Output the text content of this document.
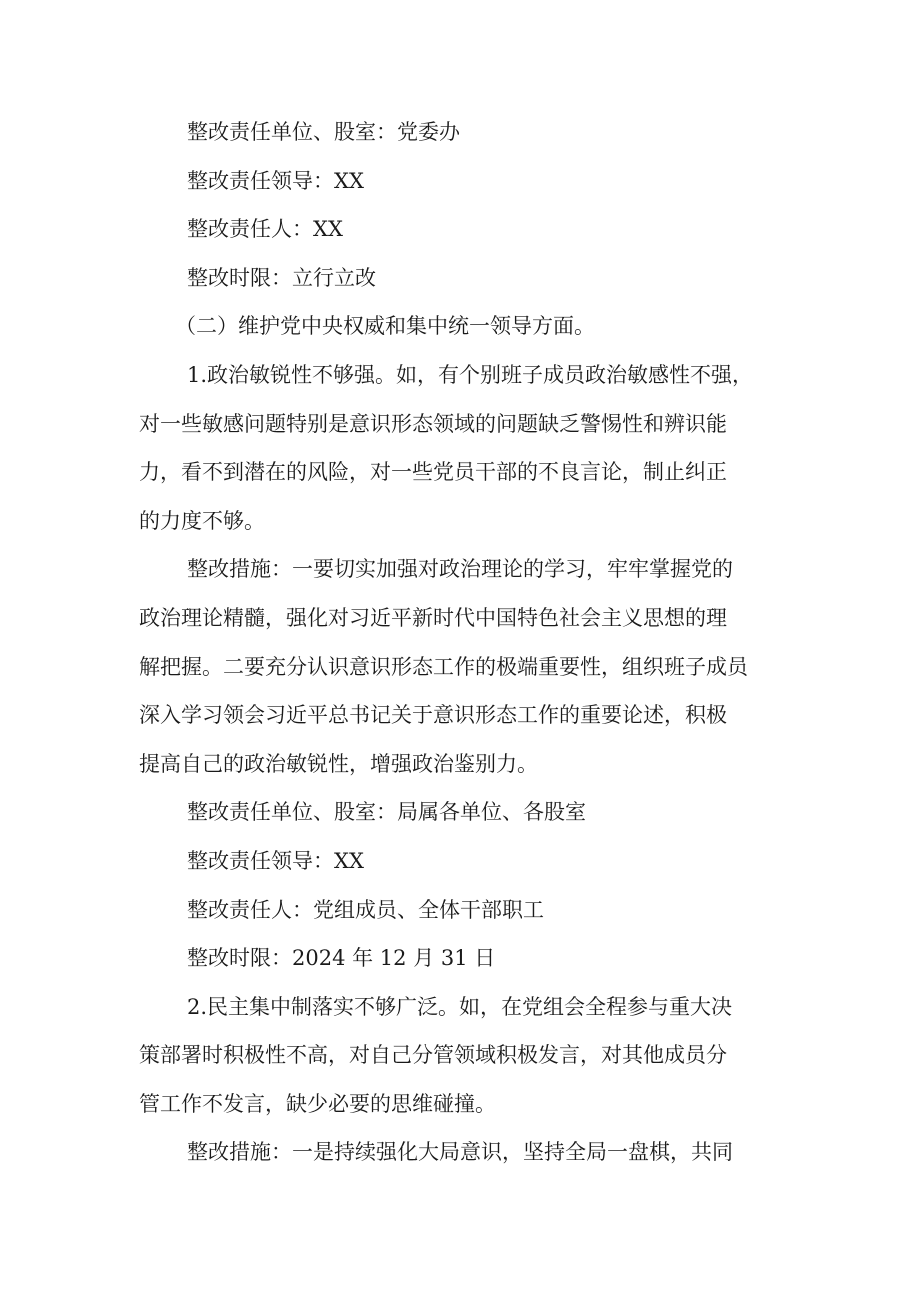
整改责任单位、股室：党委办
整改责任领导：XX
整改责任人：XX
整改时限：立行立改
（二）维护党中央权威和集中统一领导方面。
1.政治敏锐性不够强。如，有个别班子成员政治敏感性不强，
对一些敏感问题特别是意识形态领域的问题缺乏警惕性和辨识能
力，看不到潜在的风险，对一些党员干部的不良言论，制止纠正
的力度不够。
整改措施：一要切实加强对政治理论的学习，牢牢掌握党的
政治理论精髓，强化对习近平新时代中国特色社会主义思想的理
解把握。二要充分认识意识形态工作的极端重要性，组织班子成员
深入学习领会习近平总书记关于意识形态工作的重要论述，积极
提高自己的政治敏锐性，增强政治鉴别力。
整改责任单位、股室：局属各单位、各股室
整改责任领导：XX
整改责任人：党组成员、全体干部职工
整改时限：2024 年 12 月 31 日
2.民主集中制落实不够广泛。如，在党组会全程参与重大决
策部署时积极性不高，对自己分管领域积极发言，对其他成员分
管工作不发言，缺少必要的思维碰撞。
整改措施：一是持续强化大局意识，坚持全局一盘棋，共同
